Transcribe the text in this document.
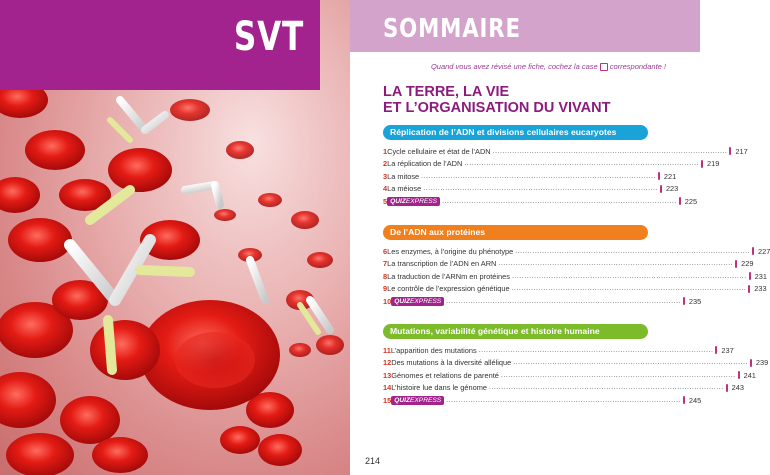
SVT	SOMMAIRE
Quand vous avez révisé une fiche, cochez la case correspondante !
LA TERRE, LA VIE
ET L’ORGANISATION DU VIVANT
Réplication de l’ADN et divisions cellulaires eucaryotes
1 Cycle cellulaire et état de l’ADN ................................................................................................ 217
2 La réplication de l’ADN ................................................................................................ 219
3 La mitose ................................................................................................ 221
4 La méiose ................................................................................................ 223
5 QUIZEXPRESS ................................................................................................ 225
De l’ADN aux protéines
6 Les enzymes, à l’origine du phénotype ................................................................................................ 227
7 La transcription de l’ADN en ARN ................................................................................................ 229
8 La traduction de l’ARNm en protéines ................................................................................................ 231
9 Le contrôle de l’expression génétique ................................................................................................ 233
10 QUIZEXPRESS ................................................................................................ 235
Mutations, variabilité génétique et histoire humaine
11 L’apparition des mutations ................................................................................................ 237
12 Des mutations à la diversité allélique ................................................................................................ 239
13 Génomes et relations de parenté ................................................................................................ 241
14 L’histoire lue dans le génome ................................................................................................ 243
15 QUIZEXPRESS ................................................................................................ 245
214
